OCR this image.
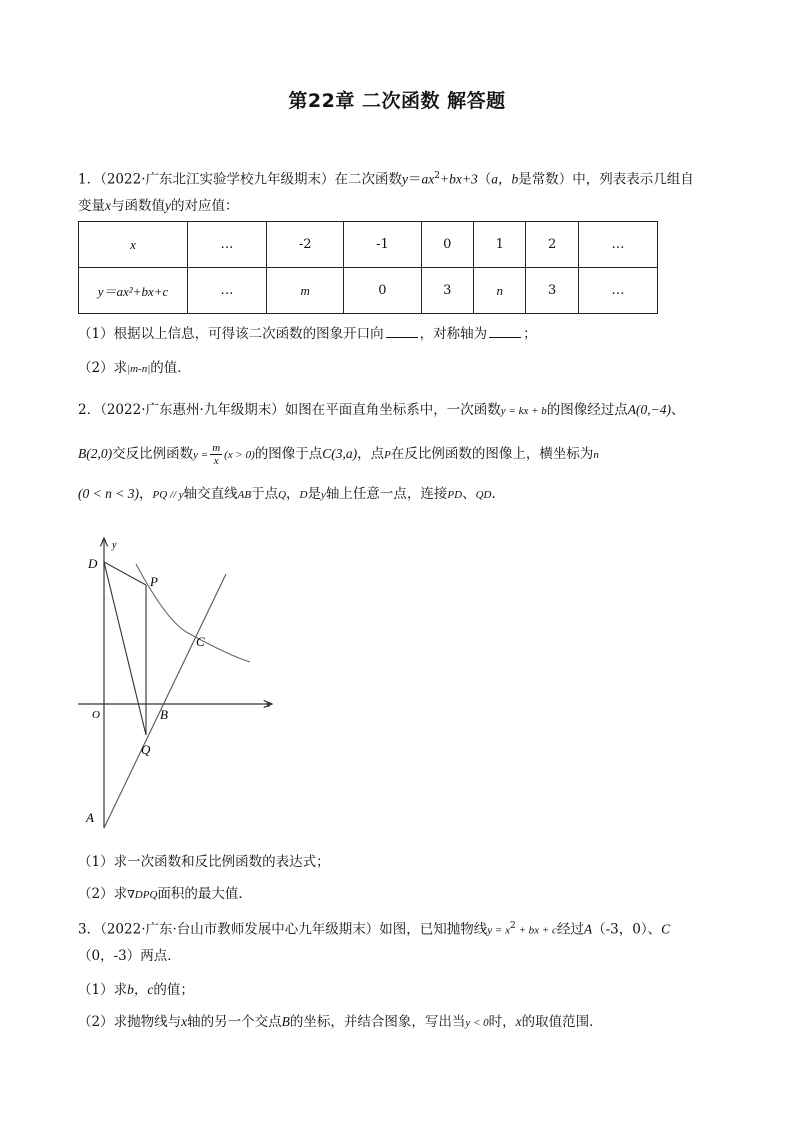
第22章 二次函数 解答题
1．（2022·广东北江实验学校九年级期末）在二次函数$y=ax^2+bx+3(a$，b是常数）中，列表表示几组自
变量x与函数值y的对应值：
x	…	-2	-1	0	1	2	…
y＝ax²+bx+c	…	m	0	3	n	3	…
（1）根据以上信息，可得该二次函数的图象开口向	，对称轴为	；
（2）求|m-n|的值．
2．（2022·广东惠州·九年级期末）如图在平面直角坐标系中，一次函数y = kx + b的图像经过点A(0,−4)、
B(2,0)交反比例函数$y = \frac{m}{x} (x > 0)$的图像于点C(3,a)，点P在反比例函数的图像上，横坐标为n
(0 < n < 3)，PQ // y轴交直线AB于点Q，D是y轴上任意一点，连接PD、QD．
y
x
O
D
P
C
B
Q
A
（1）求一次函数和反比例函数的表达式；
（2）求∇DPQ面积的最大值．
3．（2022·广东·台山市教师发展中心九年级期末）如图，已知抛物线$y = x^2$ + bx + c经过A（-3，0）、C
（0，-3）两点．
（1）求b，c的值；
（2）求抛物线与x轴的另一个交点B的坐标，并结合图象，写出当y < 0时，x的取值范围．
